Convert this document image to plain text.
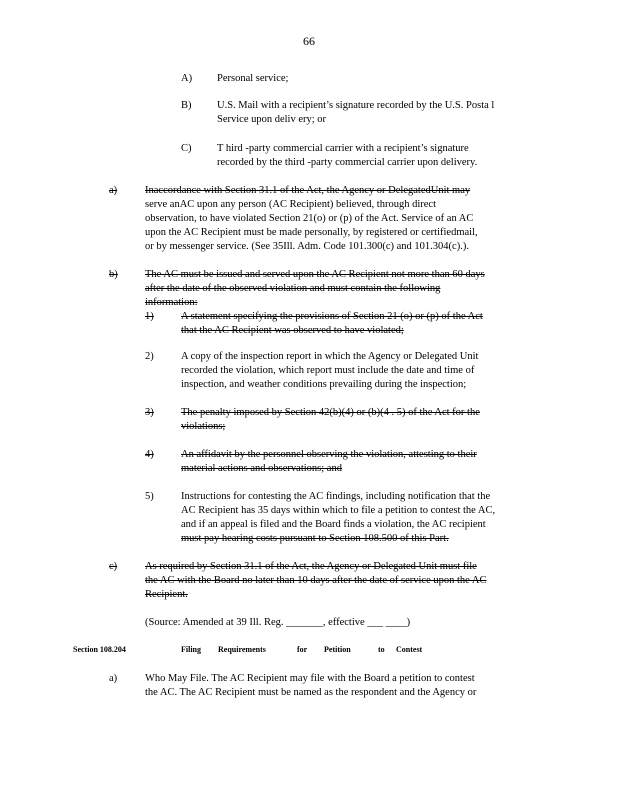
66
A) Personal service;
B) U.S. Mail with a recipient’s signature recorded by the U.S. Posta l
Service upon deliv ery; or
C) T hird -party commercial carrier with a recipient’s signature
recorded by the third -party commercial carrier upon delivery.
a)	Inaccordance with Section 31.1 of the Act, the Agency or DelegatedUnit may
serve anAC upon any person (AC Recipient) believed, through direct
observation, to have violated Section 21(o) or (p) of the Act. Service of an AC
upon the AC Recipient must be made personally, by registered or certifiedmail,
or by messenger service. (See 35Ill. Adm. Code 101.300(c) and 101.304(c).).
b)	The AC must be issued and served upon the AC Recipient not more than 60 days
after the date of the observed violation and must contain the following
information:
1)	A statement specifying the provisions of Section 21 (o) or (p) of the Act
that the AC Recipient was observed to have violated;
2)	A copy of the inspection report in which the Agency or Delegated Unit
recorded the violation, which report must include the date and time of
inspection, and weather conditions prevailing during the inspection;
3)	The penalty imposed by Section 42(b)(4) or (b)(4 . 5) of the Act for the
violations;
4)	An affidavit by the personnel observing the violation, attesting to their
material actions and observations; and
5)	Instructions for contesting the AC findings, including notification that the
AC Recipient has 35 days within which to file a petition to contest the AC,
and if an appeal is filed and the Board finds a violation, the AC recipient
must pay hearing costs pursuant to Section 108.500 of this Part.
c)	As required by Section 31.1 of the Act, the Agency or Delegated Unit must file
the AC with the Board no later than 10 days after the date of service upon the AC
Recipient.
(Source: Amended at 39 Ill. Reg. _______, effective ___ ____)
Section 108.204	Filing Requirements	for Petition	to Contest
a)	Who May File. The AC Recipient may file with the Board a petition to contest
the AC. The AC Recipient must be named as the respondent and the Agency or
